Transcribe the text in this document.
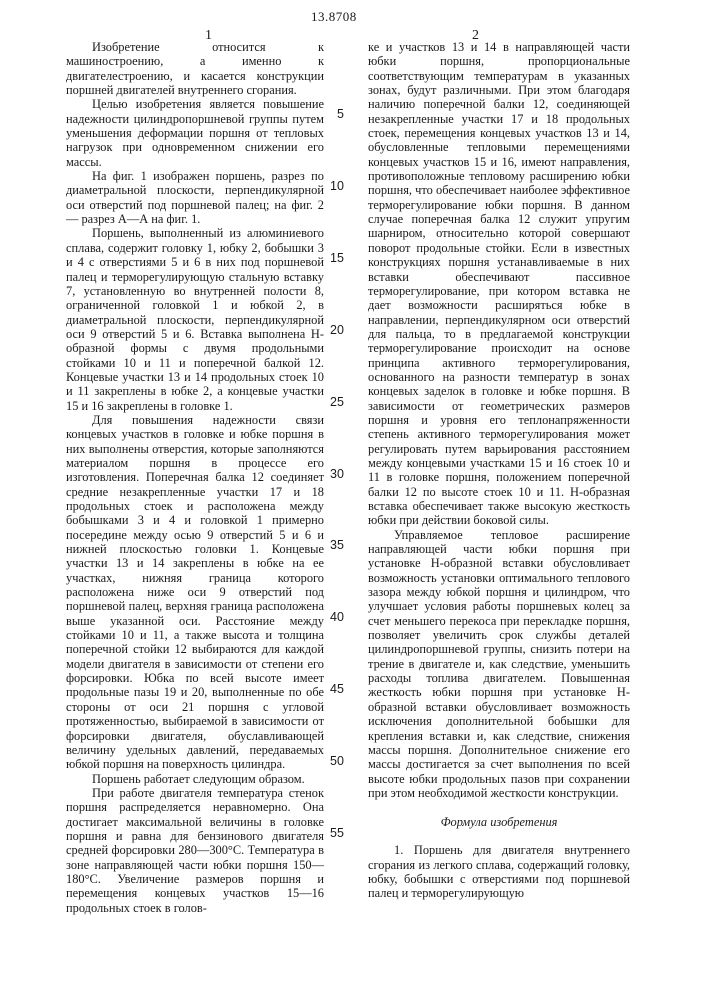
13.8708
1	2

Изобретение относится к машиностроению, а именно к двигателестроению, и касается конструкции поршней двигателей внутреннего сгорания.

Целью изобретения является повышение надежности цилиндропоршневой группы путем уменьшения деформации поршня от тепловых нагрузок при одновременном снижении его массы.

На фиг. 1 изображен поршень, разрез по диаметральной плоскости, перпендикулярной оси отверстий под поршневой палец; на фиг. 2 — разрез А—А на фиг. 1.

Поршень, выполненный из алюминиевого сплава, содержит головку 1, юбку 2, бобышки 3 и 4 с отверстиями 5 и 6 в них под поршневой палец и терморегулирующую стальную вставку 7, установленную во внутренней полости 8, ограниченной головкой 1 и юбкой 2, в диаметральной плоскости, перпендикулярной оси 9 отверстий 5 и 6. Вставка выполнена Н-образной формы с двумя продольными стойками 10 и 11 и поперечной балкой 12. Концевые участки 13 и 14 продольных стоек 10 и 11 закреплены в юбке 2, а концевые участки 15 и 16 закреплены в головке 1.

Для повышения надежности связи концевых участков в головке и юбке поршня в них выполнены отверстия, которые заполняются материалом поршня в процессе его изготовления. Поперечная балка 12 соединяет средние незакрепленные участки 17 и 18 продольных стоек и расположена между бобышками 3 и 4 и головкой 1 примерно посередине между осью 9 отверстий 5 и 6 и нижней плоскостью головки 1. Концевые участки 13 и 14 закреплены в юбке на ее участках, нижняя граница которого расположена ниже оси 9 отверстий под поршневой палец, верхняя граница расположена выше указанной оси. Расстояние между стойками 10 и 11, а также высота и толщина поперечной стойки 12 выбираются для каждой модели двигателя в зависимости от степени его форсировки. Юбка по всей высоте имеет продольные пазы 19 и 20, выполненные по обе стороны от оси 21 поршня с угловой протяженностью, выбираемой в зависимости от форсировки двигателя, обуславливающей величину удельных давлений, передаваемых юбкой поршня на поверхность цилиндра.

Поршень работает следующим образом.

При работе двигателя температура стенок поршня распределяется неравномерно. Она достигает максимальной величины в головке поршня и равна для бензинового двигателя средней форсировки 280—300°С. Температура в зоне направляющей части юбки поршня 150—180°С. Увеличение размеров поршня и перемещения концевых участков 15—16 продольных стоек в голов-

ке и участков 13 и 14 в направляющей части юбки поршня, пропорциональные соответствующим температурам в указанных зонах, будут различными. При этом благодаря наличию поперечной балки 12, соединяющей незакрепленные участки 17 и 18 продольных стоек, перемещения концевых участков 13 и 14, обусловленные тепловыми перемещениями концевых участков 15 и 16, имеют направления, противоположные тепловому расширению юбки поршня, что обеспечивает наиболее эффективное терморегулирование юбки поршня. В данном случае поперечная балка 12 служит упругим шарниром, относительно которой совершают поворот продольные стойки. Если в известных конструкциях поршня устанавливаемые в них вставки обеспечивают пассивное терморегулирование, при котором вставка не дает возможности расширяться юбке в направлении, перпендикулярном оси отверстий для пальца, то в предлагаемой конструкции терморегулирование происходит на основе принципа активного терморегулирования, основанного на разности температур в зонах концевых заделок в головке и юбке поршня. В зависимости от геометрических размеров поршня и уровня его теплонапряженности степень активного терморегулирования может регулировать путем варьирования расстоянием между концевыми участками 15 и 16 стоек 10 и 11 в головке поршня, положением поперечной балки 12 по высоте стоек 10 и 11. Н-образная вставка обеспечивает также высокую жесткость юбки при действии боковой силы.

Управляемое тепловое расширение направляющей части юбки поршня при установке Н-образной вставки обусловливает возможность установки оптимального теплового зазора между юбкой поршня и цилиндром, что улучшает условия работы поршневых колец за счет меньшего перекоса при перекладке поршня, позволяет увеличить срок службы деталей цилиндропоршневой группы, снизить потери на трение в двигателе и, как следствие, уменьшить расходы топлива двигателем. Повышенная жесткость юбки поршня при установке Н-образной вставки обусловливает возможность исключения дополнительной бобышки для крепления вставки и, как следствие, снижения массы поршня. Дополнительное снижение его массы достигается за счет выполнения по всей высоте юбки продольных пазов при сохранении при этом необходимой жесткости конструкции.

Формула изобретения

1. Поршень для двигателя внутреннего сгорания из легкого сплава, содержащий головку, юбку, бобышки с отверстиями под поршневой палец и терморегулирующую

5
10
15
20
25
30
35
40
45
50
55
